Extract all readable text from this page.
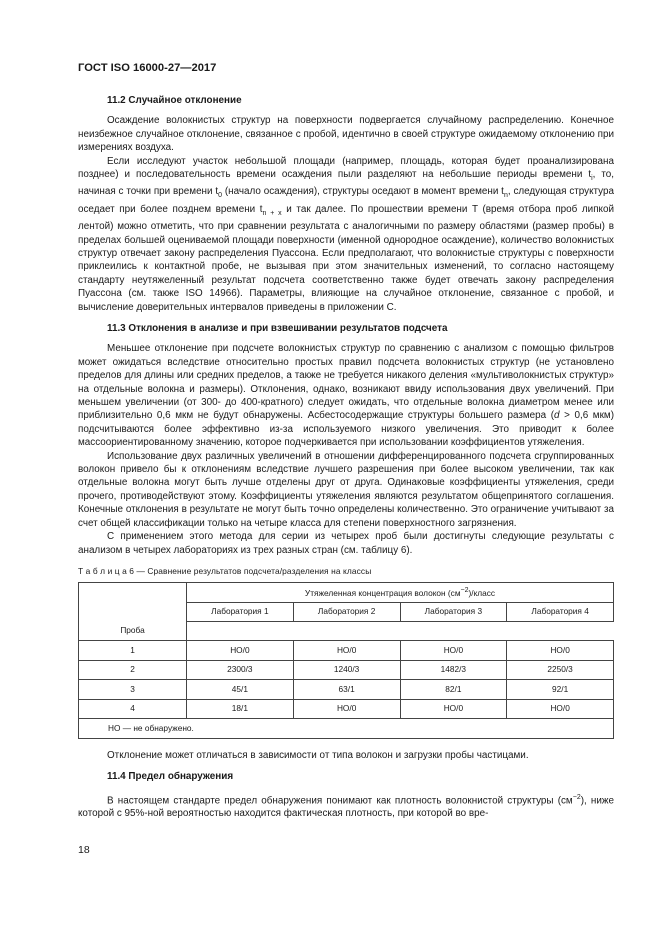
ГОСТ ISO 16000-27—2017
11.2 Случайное отклонение

Осаждение волокнистых структур на поверхности подвергается случайному распределению. Конечное неизбежное случайное отклонение, связанное с пробой, идентично в своей структуре ожидаемому отклонению при измерениях воздуха.

Если исследуют участок небольшой площади (например, площадь, которая будет проанализирована позднее) и последовательность времени осаждения пыли разделяют на небольшие периоды времени $t_i$, то, начиная с точки при времени $t_0$ (начало осаждения), структуры оседают в момент времени $t_n$, следующая структура оседает при более позднем времени $t_{n + x}$ и так далее. По прошествии времени T (время отбора проб липкой лентой) можно отметить, что при сравнении результата с аналогичными по размеру областями (размер пробы) в пределах большей оцениваемой площади поверхности (именной однородное осаждение), количество волокнистых структур отвечает закону распределения Пуассона. Если предполагают, что волокнистые структуры с поверхности приклеились к контактной пробе, не вызывая при этом значительных изменений, то согласно настоящему стандарту неутяжеленный результат подсчета соответственно также будет отвечать закону распределения Пуассона (см. также ISO 14966). Параметры, влияющие на случайное отклонение, связанное с пробой, и вычисление доверительных интервалов приведены в приложении С.

11.3 Отклонения в анализе и при взвешивании результатов подсчета

Меньшее отклонение при подсчете волокнистых структур по сравнению с анализом с помощью фильтров может ожидаться вследствие относительно простых правил подсчета волокнистых структур (не установлено пределов для длины или средних пределов, а также не требуется никакого деления «мультиволокнистых структур» на отдельные волокна и размеры). Отклонения, однако, возникают ввиду использования двух увеличений. При меньшем увеличении (от 300- до 400-кратного) следует ожидать, что отдельные волокна диаметром менее или приблизительно 0,6 мкм не будут обнаружены. Асбестосодержащие структуры большего размера (d > 0,6 мкм) подсчитываются более эффективно из-за используемого низкого увеличения. Это приводит к более массоориентированному значению, которое подчеркивается при использовании коэффициентов утяжеления.

Использование двух различных увеличений в отношении дифференцированного подсчета сгруппированных волокон привело бы к отклонениям вследствие лучшего разрешения при более высоком увеличении, так как отдельные волокна могут быть лучше отделены друг от друга. Одинаковые коэффициенты утяжеления, среди прочего, противодействуют этому. Коэффициенты утяжеления являются результатом общепринятого соглашения. Конечные отклонения в результате не могут быть точно определены количественно. Это ограничение учитывают за счет общей классификации только на четыре класса для степени поверхностного загрязнения.

С применением этого метода для серии из четырех проб были достигнуты следующие результаты с анализом в четырех лабораториях из трех разных стран (см. таблицу 6).

Т а б л и ц а 6 — Сравнение результатов подсчета/разделения на классы
	Утяжеленная концентрация волокон $(см^{-2})$/класс			
	Лаборатория 1	Лаборатория 2	Лаборатория 3	Лаборатория 4
Проба				
1	НО/0	НО/0	НО/0	НО/0
2	2300/3	1240/3	1482/3	2250/3
3	45/1	63/1	82/1	92/1
4	18/1	НО/0	НО/0	НО/0
НО — не обнаружено.				

Отклонение может отличаться в зависимости от типа волокон и загрузки пробы частицами.

11.4 Предел обнаружения

В настоящем стандарте предел обнаружения понимают как плотность волокнистой структуры $(см^{-2})$, ниже которой с 95%-ной вероятностью находится фактическая плотность, при которой во вре-

18
